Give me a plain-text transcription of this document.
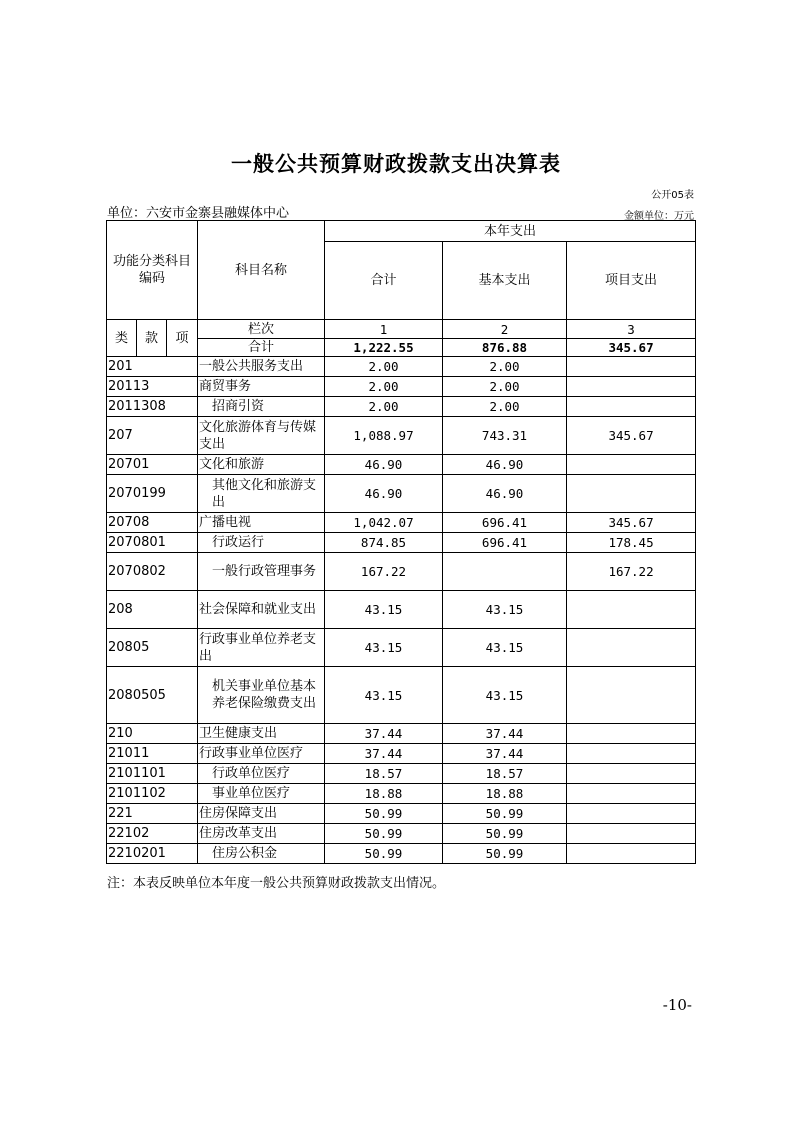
一般公共预算财政拨款支出决算表
公开05表
单位：六安市金寨县融媒体中心	金额单位：万元
功能分类科目编码			科目名称	本年支出		
				合计	基本支出	项目支出
类	款	项	栏次	1	2	3
			合计	1,222.55	876.88	345.67
201			一般公共服务支出	2.00	2.00	
20113			商贸事务	2.00	2.00	
2011308			招商引资	2.00	2.00	
207			文化旅游体育与传媒支出	1,088.97	743.31	345.67
20701			文化和旅游	46.90	46.90	
2070199			其他文化和旅游支出	46.90	46.90	
20708			广播电视	1,042.07	696.41	345.67
2070801			行政运行	874.85	696.41	178.45
2070802			一般行政管理事务	167.22		167.22
208			社会保障和就业支出	43.15	43.15	
20805			行政事业单位养老支出	43.15	43.15	
2080505			机关事业单位基本养老保险缴费支出	43.15	43.15	
210			卫生健康支出	37.44	37.44	
21011			行政事业单位医疗	37.44	37.44	
2101101			行政单位医疗	18.57	18.57	
2101102			事业单位医疗	18.88	18.88	
221			住房保障支出	50.99	50.99	
22102			住房改革支出	50.99	50.99	
2210201			住房公积金	50.99	50.99	
注：本表反映单位本年度一般公共预算财政拨款支出情况。
-10-
